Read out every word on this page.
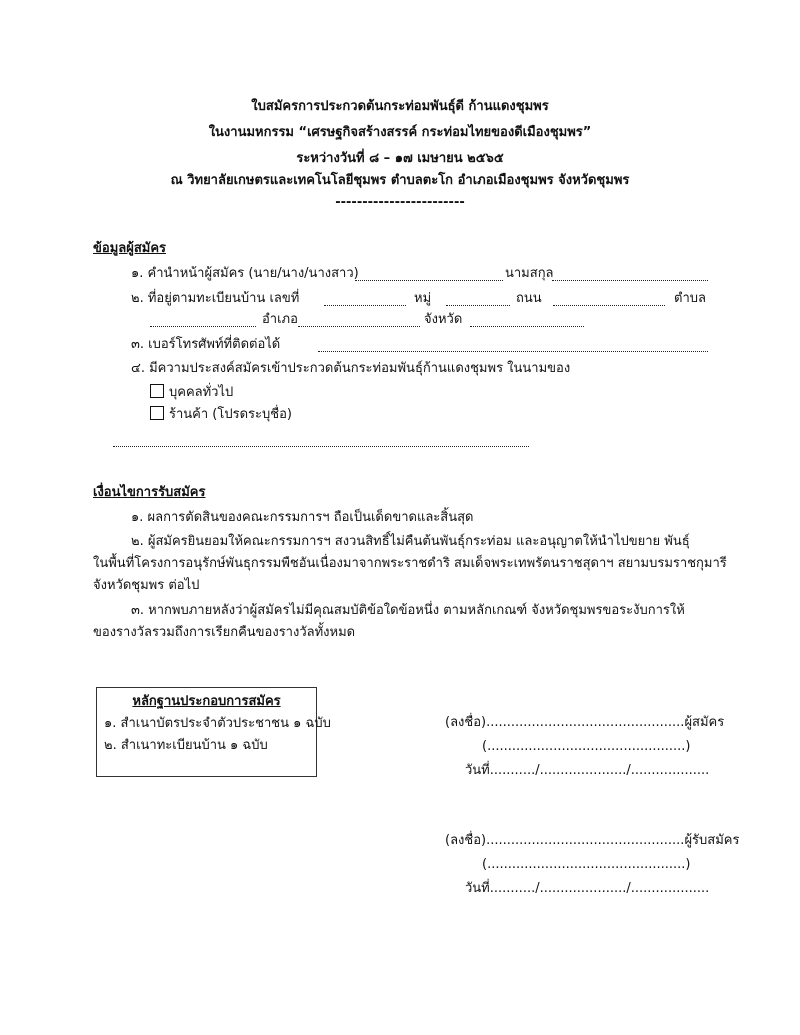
ใบสมัครการประกวดต้นกระท่อมพันธุ์ดี ก้านแดงชุมพร
ในงานมหกรรม “เศรษฐกิจสร้างสรรค์ กระท่อมไทยของดีเมืองชุมพร”
ระหว่างวันที่ ๘ – ๑๗ เมษายน ๒๕๖๕
ณ วิทยาลัยเกษตรและเทคโนโลยีชุมพร ตำบลตะโก อำเภอเมืองชุมพร จังหวัดชุมพร
------------------------
ข้อมูลผู้สมัคร
๑. คำนำหน้าผู้สมัคร (นาย/นาง/นางสาว)	นามสกุล
๒. ที่อยู่ตามทะเบียนบ้าน เลขที่	หมู่	ถนน	ตำบล
อำเภอ	จังหวัด
๓. เบอร์โทรศัพท์ที่ติดต่อได้
๔. มีความประสงค์สมัครเข้าประกวดต้นกระท่อมพันธุ์ก้านแดงชุมพร ในนามของ
บุคคลทั่วไป
ร้านค้า (โปรดระบุชื่อ)
เงื่อนไขการรับสมัคร
๑. ผลการตัดสินของคณะกรรมการฯ ถือเป็นเด็ดขาดและสิ้นสุด
๒. ผู้สมัครยินยอมให้คณะกรรมการฯ สงวนสิทธิ์ไม่คืนต้นพันธุ์กระท่อม และอนุญาตให้นำไปขยาย พันธุ์
ในพื้นที่โครงการอนุรักษ์พันธุกรรมพืชอันเนื่องมาจากพระราชดำริ สมเด็จพระเทพรัตนราชสุดาฯ สยามบรมราชกุมารี
จังหวัดชุมพร ต่อไป
๓. หากพบภายหลังว่าผู้สมัครไม่มีคุณสมบัติข้อใดข้อหนึ่ง ตามหลักเกณฑ์ จังหวัดชุมพรขอระงับการให้
ของรางวัลรวมถึงการเรียกคืนของรางวัลทั้งหมด
หลักฐานประกอบการสมัคร
๑. สำเนาบัตรประจำตัวประชาชน ๑ ฉบับ
๒. สำเนาทะเบียนบ้าน ๑ ฉบับ
(ลงชื่อ)................................................ผู้สมัคร
(................................................)
วันที่.........../...................../...................
(ลงชื่อ)................................................ผู้รับสมัคร
(................................................)
วันที่.........../...................../...................
